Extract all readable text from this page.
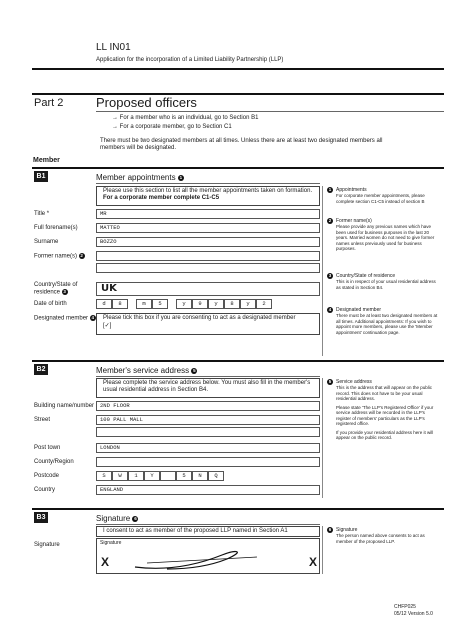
LL IN01
Application for the incorporation of a Limited Liability Partnership (LLP)
Part 2	Proposed officers
→ For a member who is an individual, go to Section B1
→ For a corporate member, go to Section C1
There must be two designated members at all times. Unless there are at least two designated members all members will be designated.
Member
B1	Member appointments 1
Please use this section to list all the member appointments taken on formation.
For a corporate member complete C1-C5
Title *	MR
Full forename(s)	MATTEO
Surname	BOZZO
Former name(s) 2
Country/State of residence 3	UK
Date of birth	d	8	m	5	y	9	y	8	y	2
Designated member 4	Please tick this box if you are consenting to act as a designated member
[✓]
1 Appointments
For corporate member appointments, please complete section C1-C5 instead of section B
2 Former name(s)
Please provide any previous names which have been used for business purposes in the last 20 years. Married women do not need to give former names unless previously used for business purposes.
3 Country/State of residence
This is in respect of your usual residential address as stated in Section B4.
4 Designated member
There must be at least two designated members at all times. Additional appointments: If you wish to appoint more members, please use the 'Member appointment' continuation page.
B2	Member's service address 5
Please complete the service address below. You must also fill in the member's usual residential address in Section B4.
Building name/number	2ND FLOOR
Street	100 PALL MALL
Post town	LONDON
County/Region
Postcode	S	W	1	Y	5	N	Q
Country	ENGLAND
5 Service address
This is the address that will appear on the public record. This does not have to be your usual residential address.
Please state 'The LLP's Registered Office' if your service address will be recorded in the LLP's register of members' particulars as the LLP's registered office.
If you provide your residential address here it will appear on the public record.
B3	Signature 6
I consent to act as member of the proposed LLP named in Section A1
Signature	Signature
X	X
6 Signature
The person named above consents to act as member of the proposed LLP.
CHFP025
05/12 Version 5.0
